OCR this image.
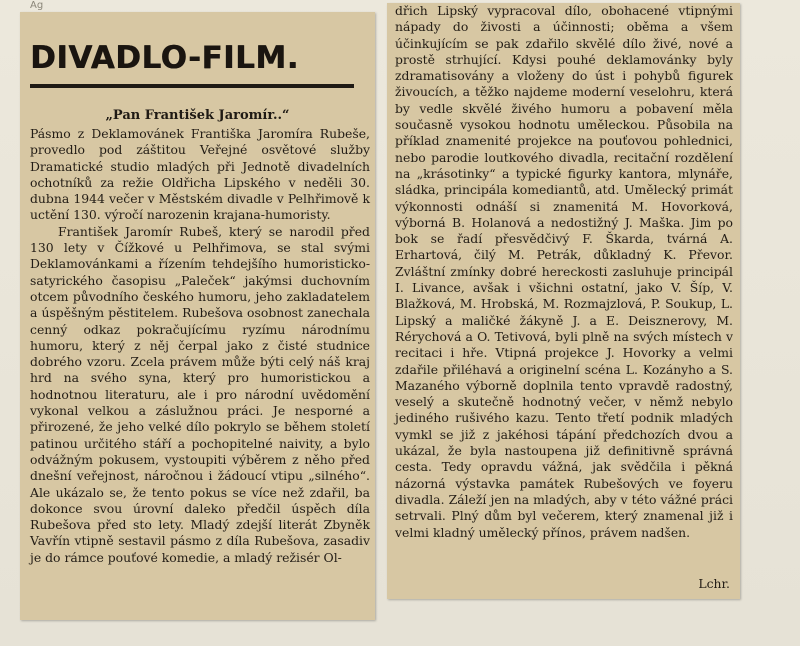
Ag
DIVADLO-FILM.
„Pan František Jaromír..“

Pásmo z Deklamovánek Františka Jaromíra Rubeše, provedlo pod záštitou Veřejné osvětové služby Dramatické studio mladých při Jednotě divadelních ochotníků za režie Oldřicha Lipského v neděli 30. dubna 1944 večer v Městském divadle v Pelhřimově k uctění 130. výročí narozenin krajana-humoristy.

František Jaromír Rubeš, který se narodil před 130 lety v Čížkové u Pelhřimova, se stal svými Deklamovánkami a řízením tehdejšího humoristicko-satyrického časopisu „Paleček“ jakýmsi duchovním otcem původního českého humoru, jeho zakladatelem a úspěšným pěstitelem. Rubešova osobnost zanechala cenný odkaz pokračujícímu ryzímu národnímu humoru, který z něj čerpal jako z čisté studnice dobrého vzoru. Zcela právem může býti celý náš kraj hrd na svého syna, který pro humoristickou a hodnotnou literaturu, ale i pro národní uvědomění vykonal velkou a záslužnou práci. Je nesporné a přirozené, že jeho velké dílo pokrylo se během století patinou určitého stáří a pochopitelné naivity, a bylo odvážným pokusem, vystoupiti výběrem z něho před dnešní veřejnost, náročnou i žádoucí vtipu „silného“. Ale ukázalo se, že tento pokus se více než zdařil, ba dokonce svou úrovní daleko předčil úspěch díla Rubešova před sto lety. Mladý zdejší literát Zbyněk Vavřín vtipně sestavil pásmo z díla Rubešova, zasadiv je do rámce pouťové komedie, a mladý režisér Ol-

dřich Lipský vypracoval dílo, obohacené vtipnými nápady do živosti a účinnosti; oběma a všem účinkujícím se pak zdařilo skvělé dílo živé, nové a prostě strhující. Kdysi pouhé deklamovánky byly zdramatisovány a vloženy do úst i pohybů figurek živoucích, a těžko najdeme moderní veselohru, která by vedle skvělé živého humoru a pobavení měla současně vysokou hodnotu uměleckou. Působila na příklad znamenité projekce na pouťovou pohlednici, nebo parodie loutkového divadla, recitační rozdělení na „krásotinky“ a typické figurky kantora, mlynáře, sládka, principála komediantů, atd. Umělecký primát výkonnosti odnáší si znamenitá M. Hovorková, výborná B. Holanová a nedostižný J. Maška. Jim po bok se řadí přesvědčivý F. Škarda, tvárná A. Erhartová, čilý M. Petrák, důkladný K. Převor. Zvláštní zmínky dobré hereckosti zasluhuje principál I. Livance, avšak i všichni ostatní, jako V. Šíp, V. Blažková, M. Hrobská, M. Rozmajzlová, P. Soukup, L. Lipský a maličké žákyně J. a E. Deisznerovy, M. Rérychová a O. Tetivová, byli plně na svých místech v recitaci i hře. Vtipná projekce J. Hovorky a velmi zdařile přiléhavá a originelní scéna L. Kozányho a S. Mazaného výborně doplnila tento vpravdě radostný, veselý a skutečně hodnotný večer, v němž nebylo jediného rušivého kazu. Tento třetí podnik mladých vymkl se již z jakéhosi tápání předchozích dvou a ukázal, že byla nastoupena již definitivně správná cesta. Tedy opravdu vážná, jak svědčila i pěkná názorná výstavka památek Rubešových ve foyeru divadla. Záleží jen na mladých, aby v této vážné práci setrvali. Plný dům byl večerem, který znamenal již i velmi kladný umělecký přínos, právem nadšen.

Lchr.
